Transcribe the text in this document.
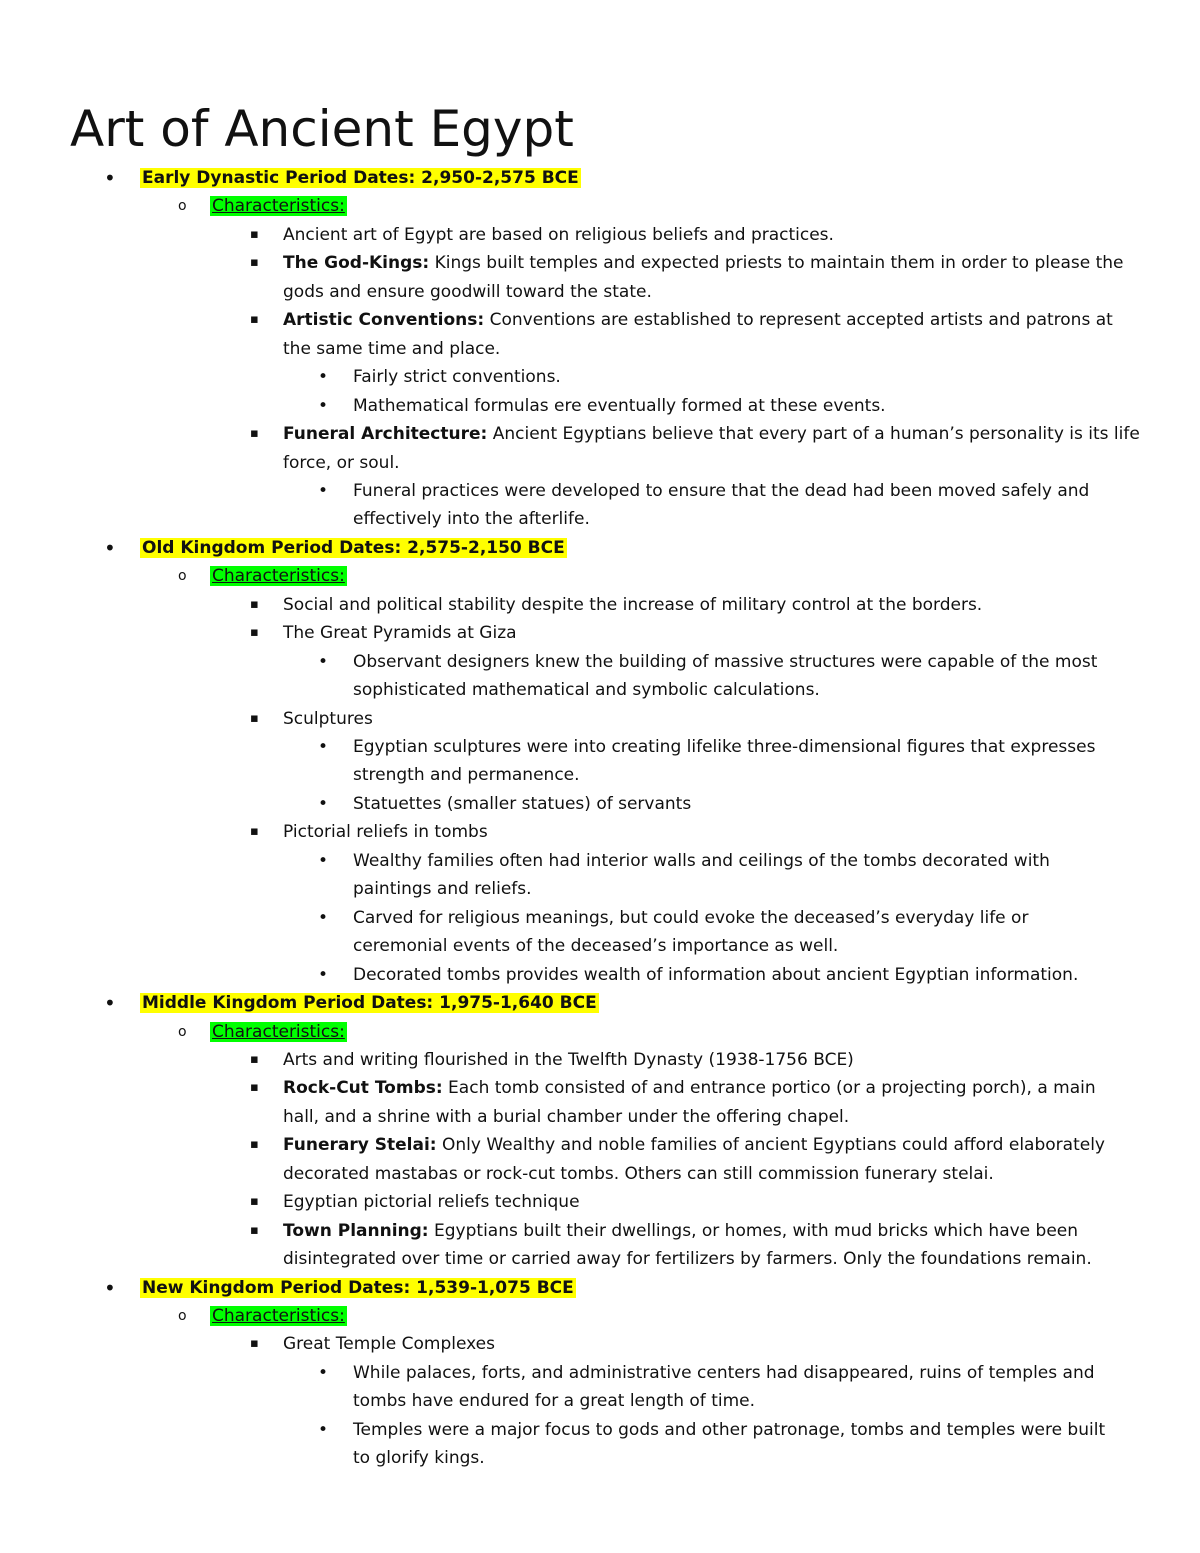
Art of Ancient Egypt
• Early Dynastic Period Dates: 2,950-2,575 BCE
o Characteristics:
▪ Ancient art of Egypt are based on religious beliefs and practices.
▪ The God-Kings: Kings built temples and expected priests to maintain them in order to please the
gods and ensure goodwill toward the state.
▪ Artistic Conventions: Conventions are established to represent accepted artists and patrons at
the same time and place.
• Fairly strict conventions.
• Mathematical formulas ere eventually formed at these events.
▪ Funeral Architecture: Ancient Egyptians believe that every part of a human’s personality is its life
force, or soul.
• Funeral practices were developed to ensure that the dead had been moved safely and
effectively into the afterlife.
• Old Kingdom Period Dates: 2,575-2,150 BCE
o Characteristics:
▪ Social and political stability despite the increase of military control at the borders.
▪ The Great Pyramids at Giza
• Observant designers knew the building of massive structures were capable of the most
sophisticated mathematical and symbolic calculations.
▪ Sculptures
• Egyptian sculptures were into creating lifelike three-dimensional figures that expresses
strength and permanence.
• Statuettes (smaller statues) of servants
▪ Pictorial reliefs in tombs
• Wealthy families often had interior walls and ceilings of the tombs decorated with
paintings and reliefs.
• Carved for religious meanings, but could evoke the deceased’s everyday life or
ceremonial events of the deceased’s importance as well.
• Decorated tombs provides wealth of information about ancient Egyptian information.
• Middle Kingdom Period Dates: 1,975-1,640 BCE
o Characteristics:
▪ Arts and writing flourished in the Twelfth Dynasty (1938-1756 BCE)
▪ Rock-Cut Tombs: Each tomb consisted of and entrance portico (or a projecting porch), a main
hall, and a shrine with a burial chamber under the offering chapel.
▪ Funerary Stelai: Only Wealthy and noble families of ancient Egyptians could afford elaborately
decorated mastabas or rock-cut tombs. Others can still commission funerary stelai.
▪ Egyptian pictorial reliefs technique
▪ Town Planning: Egyptians built their dwellings, or homes, with mud bricks which have been
disintegrated over time or carried away for fertilizers by farmers. Only the foundations remain.
• New Kingdom Period Dates: 1,539-1,075 BCE
o Characteristics:
▪ Great Temple Complexes
• While palaces, forts, and administrative centers had disappeared, ruins of temples and
tombs have endured for a great length of time.
• Temples were a major focus to gods and other patronage, tombs and temples were built
to glorify kings.
